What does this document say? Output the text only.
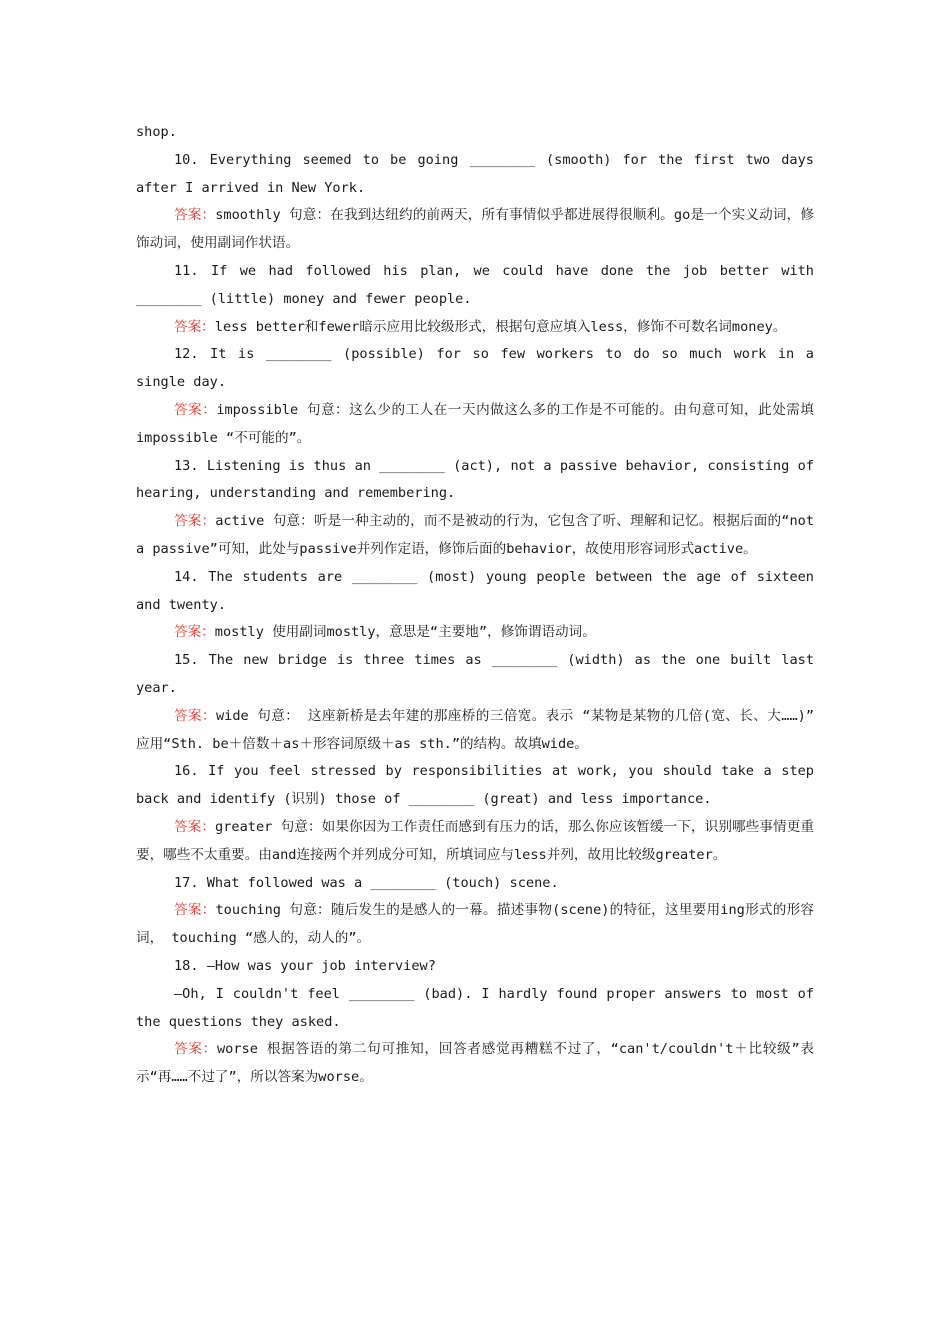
shop.

10. Everything seemed to be going ________ (smooth) for the first two days after I arrived in New York.

答案：smoothly 句意：在我到达纽约的前两天，所有事情似乎都进展得很顺利。go是一个实义动词，修饰动词，使用副词作状语。

11. If we had followed his plan, we could have done the job better with ________ (little) money and fewer people.

答案：less better和fewer暗示应用比较级形式，根据句意应填入less，修饰不可数名词money。

12. It is ________ (possible) for so few workers to do so much work in a single day.

答案：impossible 句意：这么少的工人在一天内做这么多的工作是不可能的。由句意可知，此处需填impossible “不可能的”。

13. Listening is thus an ________ (act), not a passive behavior, consisting of hearing, understanding and remembering.

答案：active 句意：听是一种主动的，而不是被动的行为，它包含了听、理解和记忆。根据后面的“not a passive”可知，此处与passive并列作定语，修饰后面的behavior，故使用形容词形式active。

14. The students are ________ (most) young people between the age of sixteen and twenty.

答案：mostly 使用副词mostly，意思是“主要地”，修饰谓语动词。

15. The new bridge is three times as ________ (width) as the one built last year.

答案：wide 句意： 这座新桥是去年建的那座桥的三倍宽。表示 “某物是某物的几倍(宽、长、大……)” 应用“Sth. be＋倍数＋as＋形容词原级＋as sth.”的结构。故填wide。

16. If you feel stressed by responsibilities at work, you should take a step back and identify (识别) those of ________ (great) and less importance.

答案：greater 句意：如果你因为工作责任而感到有压力的话，那么你应该暂缓一下，识别哪些事情更重要，哪些不太重要。由and连接两个并列成分可知，所填词应与less并列，故用比较级greater。

17. What followed was a ________ (touch) scene.

答案：touching 句意：随后发生的是感人的一幕。描述事物(scene)的特征，这里要用ing形式的形容词， touching “感人的，动人的”。

18. —How was your job interview?

—Oh, I couldn't feel ________ (bad). I hardly found proper answers to most of the questions they asked.

答案：worse 根据答语的第二句可推知，回答者感觉再糟糕不过了，“can't/couldn't＋比较级”表示“再……不过了”，所以答案为worse。
